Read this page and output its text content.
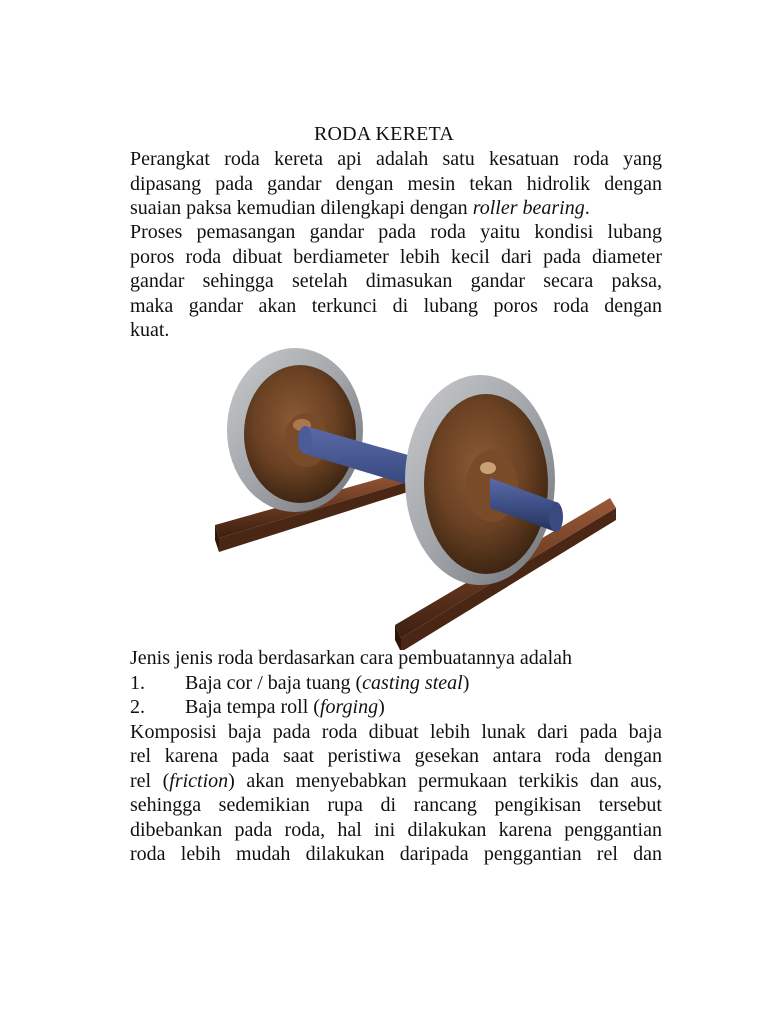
RODA KERETA
Perangkat roda kereta api adalah satu kesatuan roda yang
dipasang pada gandar dengan mesin tekan hidrolik dengan
suaian paksa kemudian dilengkapi dengan roller bearing.
Proses pemasangan gandar pada roda yaitu kondisi lubang
poros roda dibuat berdiameter lebih kecil dari pada diameter
gandar sehingga setelah dimasukan gandar secara paksa,
maka gandar akan terkunci di lubang poros roda dengan
kuat.
Jenis jenis roda berdasarkan cara pembuatannya adalah
1. Baja cor / baja tuang (casting steal)
2. Baja tempa roll (forging)
Komposisi baja pada roda dibuat lebih lunak dari pada baja
rel karena pada saat peristiwa gesekan antara roda dengan
rel (friction) akan menyebabkan permukaan terkikis dan aus,
sehingga sedemikian rupa di rancang pengikisan tersebut
dibebankan pada roda, hal ini dilakukan karena penggantian
roda lebih mudah dilakukan daripada penggantian rel dan
